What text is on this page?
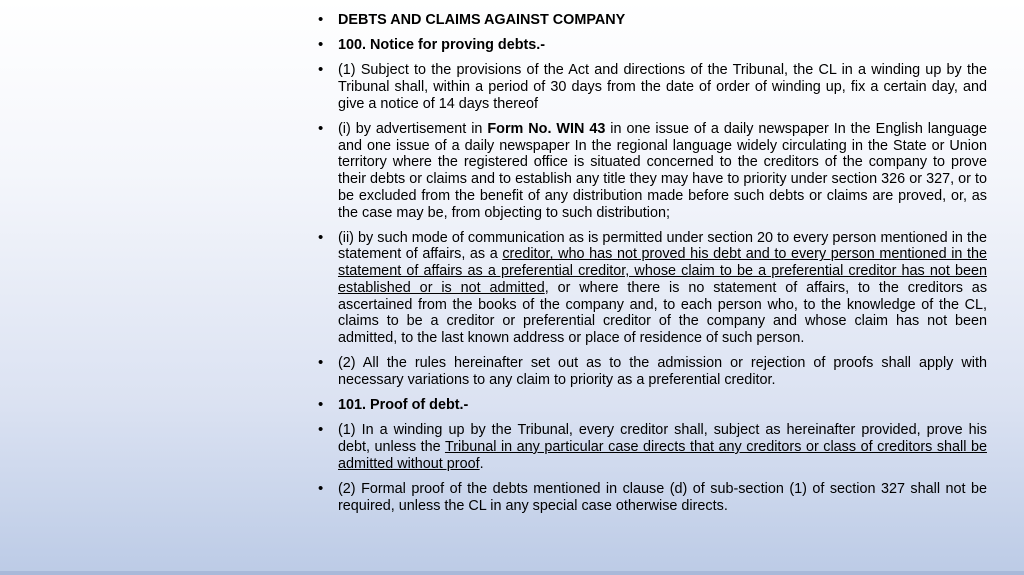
• DEBTS AND CLAIMS AGAINST COMPANY
• 100. Notice for proving debts.-
• (1) Subject to the provisions of the Act and directions of the Tribunal, the CL in a winding up by the Tribunal shall, within a period of 30 days from the date of order of winding up, fix a certain day, and give a notice of 14 days thereof
• (i) by advertisement in Form No. WIN 43 in one issue of a daily newspaper In the English language and one issue of a daily newspaper In the regional language widely circulating in the State or Union territory where the registered office is situated concerned to the creditors of the company to prove their debts or claims and to establish any title they may have to priority under section 326 or 327, or to be excluded from the benefit of any distribution made before such debts or claims are proved, or, as the case may be, from objecting to such distribution;
• (ii) by such mode of communication as is permitted under section 20 to every person mentioned in the statement of affairs, as a creditor, who has not proved his debt and to every person mentioned in the statement of affairs as a preferential creditor, whose claim to be a preferential creditor has not been established or is not admitted, or where there is no statement of affairs, to the creditors as ascertained from the books of the company and, to each person who, to the knowledge of the CL, claims to be a creditor or preferential creditor of the company and whose claim has not been admitted, to the last known address or place of residence of such person.
• (2) All the rules hereinafter set out as to the admission or rejection of proofs shall apply with necessary variations to any claim to priority as a preferential creditor.
• 101. Proof of debt.-
• (1) In a winding up by the Tribunal, every creditor shall, subject as hereinafter provided, prove his debt, unless the Tribunal in any particular case directs that any creditors or class of creditors shall be admitted without proof.
• (2) Formal proof of the debts mentioned in clause (d) of sub-section (1) of section 327 shall not be required, unless the CL in any special case otherwise directs.
